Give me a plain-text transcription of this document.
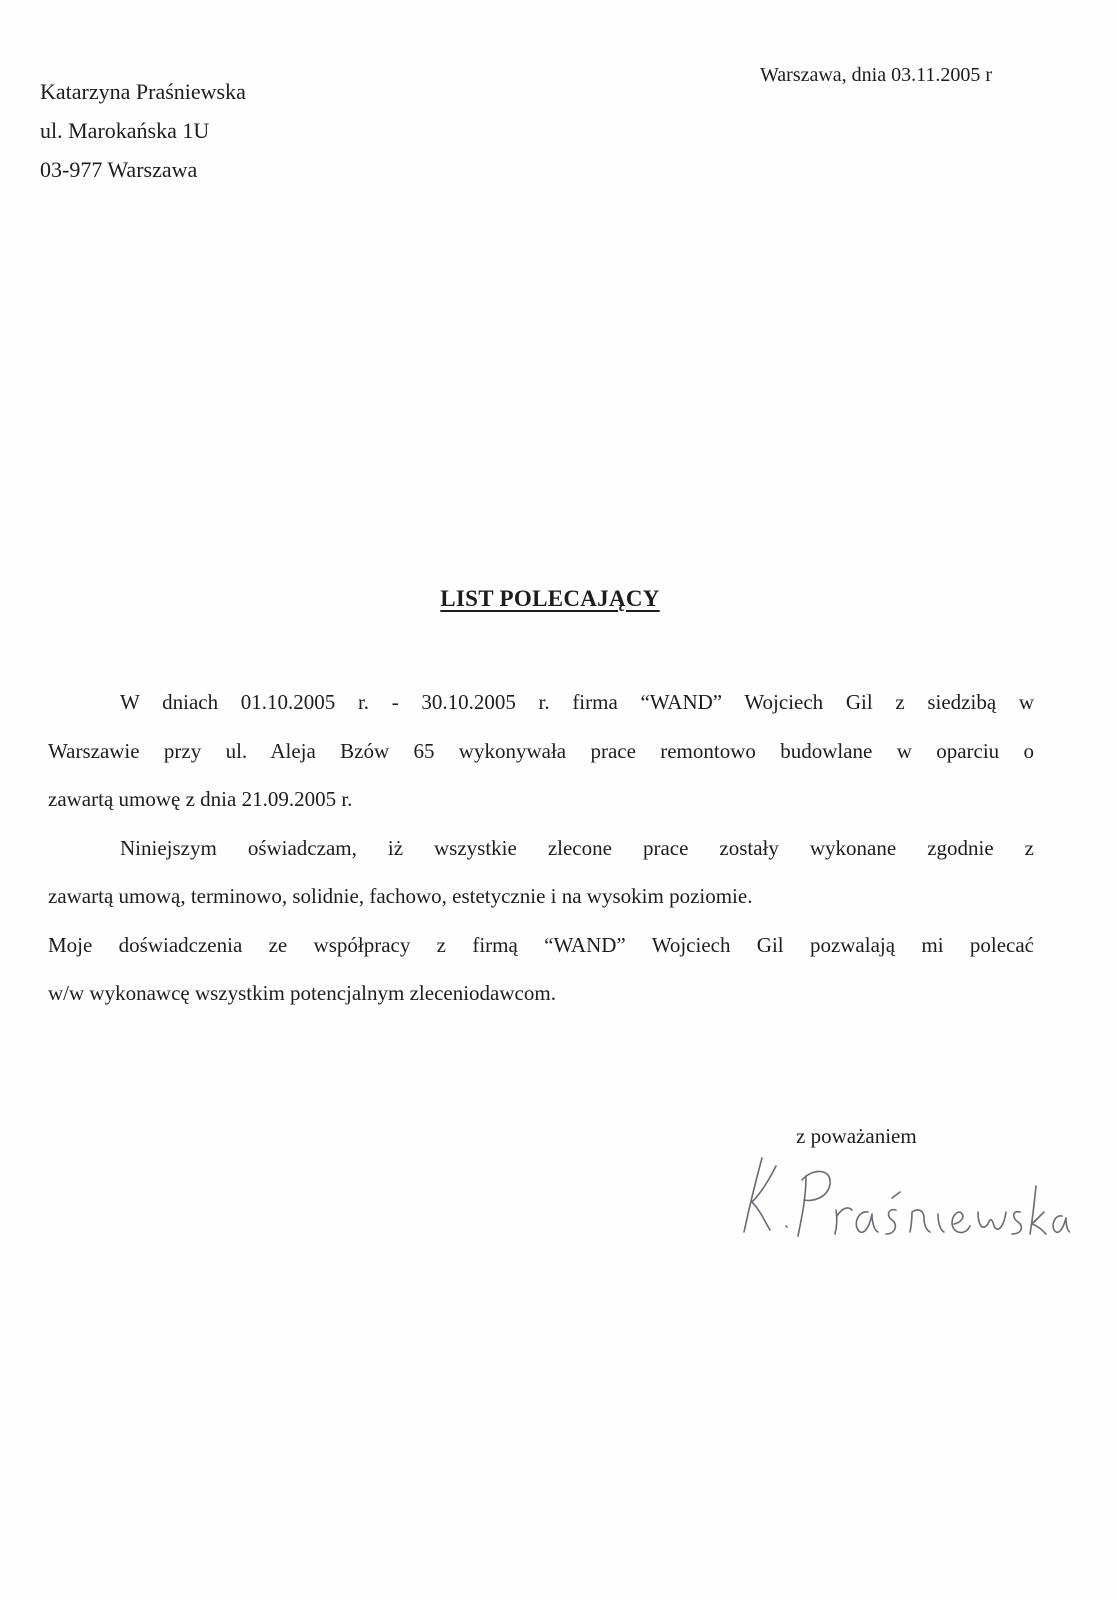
Katarzyna Praśniewska
ul. Marokańska 1U
03-977 Warszawa
Warszawa, dnia 03.11.2005 r
LIST POLECAJĄCY
W dniach 01.10.2005 r. - 30.10.2005 r. firma “WAND” Wojciech Gil z siedzibą w
Warszawie przy ul. Aleja Bzów 65 wykonywała prace remontowo budowlane w oparciu o
zawartą umowę z dnia 21.09.2005 r.
Niniejszym oświadczam, iż wszystkie zlecone prace zostały wykonane zgodnie z
zawartą umową, terminowo, solidnie, fachowo, estetycznie i na wysokim poziomie.
Moje doświadczenia ze współpracy z firmą “WAND” Wojciech Gil pozwalają mi polecać
w/w wykonawcę wszystkim potencjalnym zleceniodawcom.
z poważaniem
